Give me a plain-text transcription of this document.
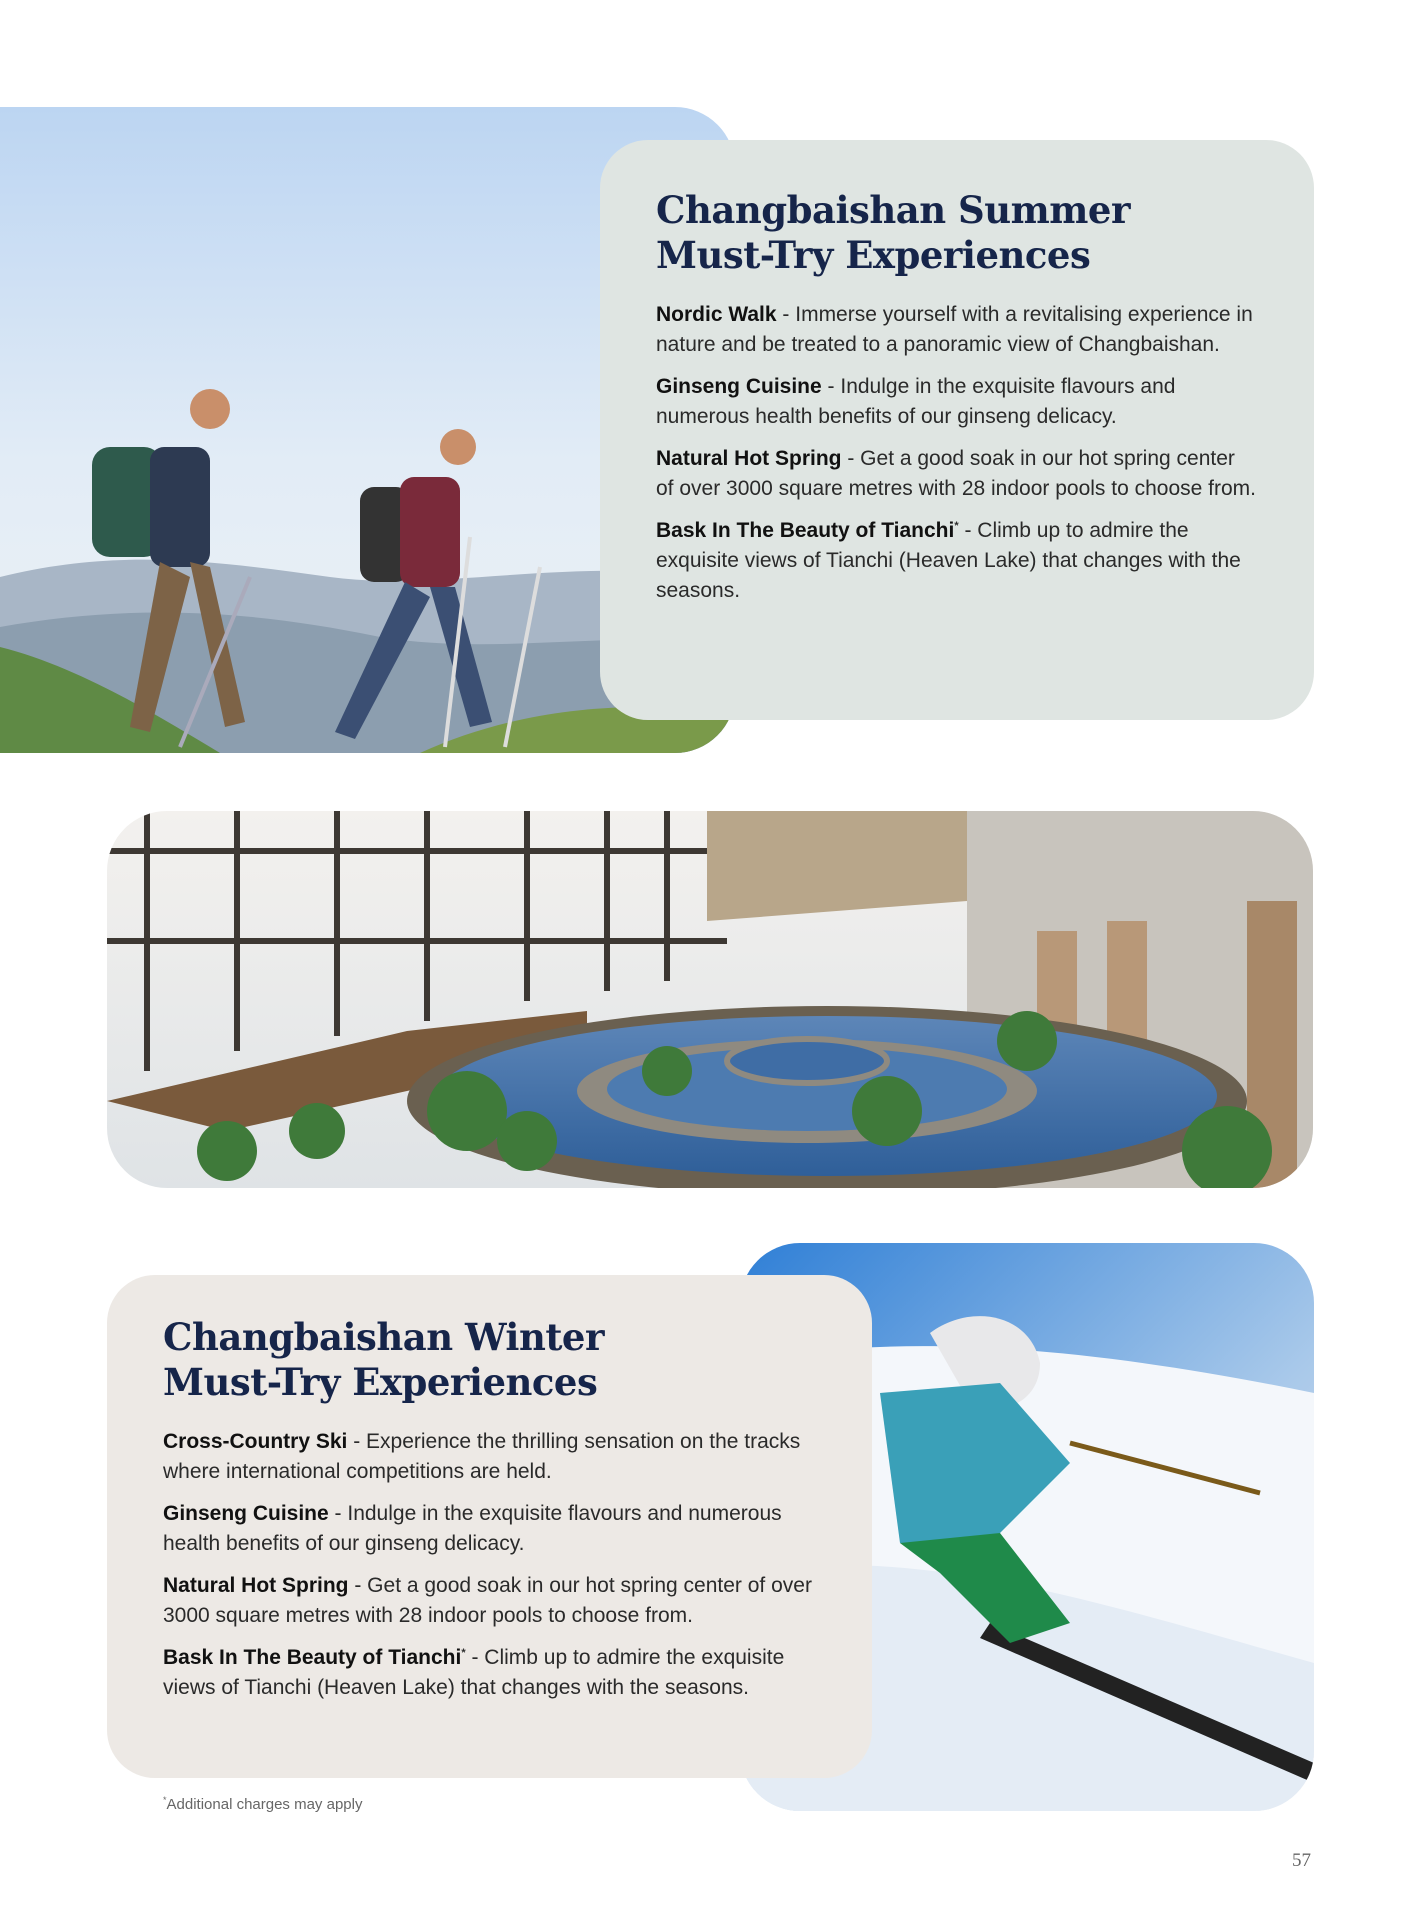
Changbaishan Summer
Must-Try Experiences

Nordic Walk - Immerse yourself with a revitalising experience in nature and be treated to a panoramic view of Changbaishan.

Ginseng Cuisine - Indulge in the exquisite flavours and numerous health benefits of our ginseng delicacy.

Natural Hot Spring - Get a good soak in our hot spring center of over 3000 square metres with 28 indoor pools to choose from.

Bask In The Beauty of Tianchi* - Climb up to admire the exquisite views of Tianchi (Heaven Lake) that changes with the seasons.

Changbaishan Winter
Must-Try Experiences

Cross-Country Ski - Experience the thrilling sensation on the tracks where international competitions are held.

Ginseng Cuisine - Indulge in the exquisite flavours and numerous health benefits of our ginseng delicacy.

Natural Hot Spring - Get a good soak in our hot spring center of over 3000 square metres with 28 indoor pools to choose from.

Bask In The Beauty of Tianchi* - Climb up to admire the exquisite views of Tianchi (Heaven Lake) that changes with the seasons.

*Additional charges may apply
57
